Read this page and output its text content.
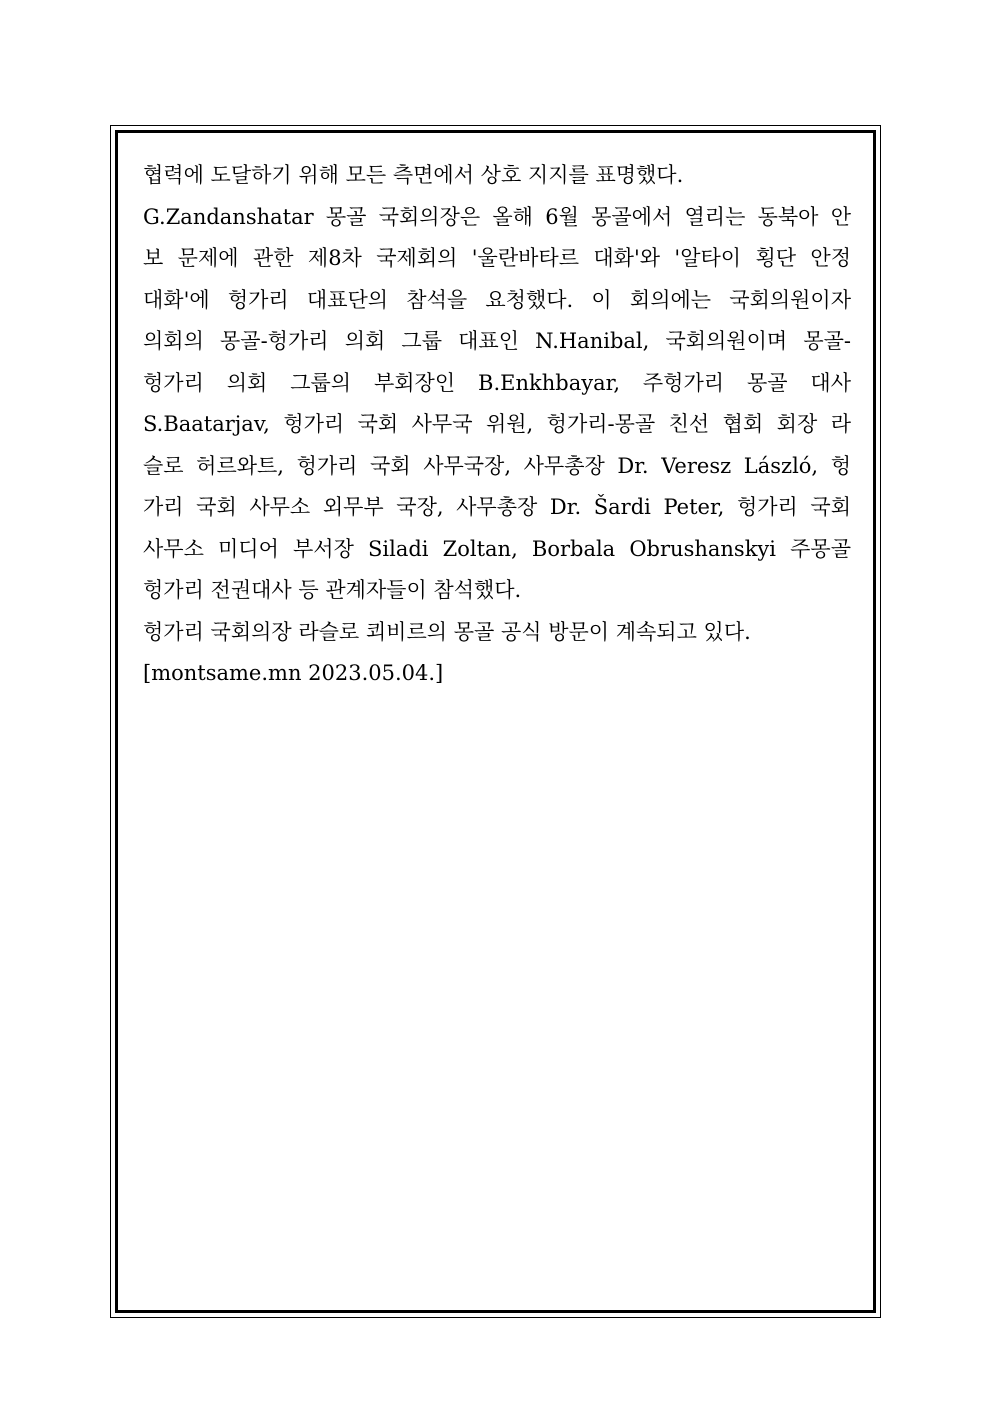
협력에 도달하기 위해 모든 측면에서 상호 지지를 표명했다.
G.Zandanshatar 몽골 국회의장은 올해 6월 몽골에서 열리는 동북아 안
보 문제에 관한 제8차 국제회의 '울란바타르 대화'와 '알타이 횡단 안정
대화'에 헝가리 대표단의 참석을 요청했다. 이 회의에는 국회의원이자
의회의 몽골-헝가리 의회 그룹 대표인 N.Hanibal, 국회의원이며 몽골-
헝가리 의회 그룹의 부회장인 B.Enkhbayar, 주헝가리 몽골 대사
S.Baatarjav, 헝가리 국회 사무국 위원, 헝가리-몽골 친선 협회 회장 라
슬로 허르와트, 헝가리 국회 사무국장, 사무총장 Dr. Veresz László, 헝
가리 국회 사무소 외무부 국장, 사무총장 Dr. Šardi Peter, 헝가리 국회
사무소 미디어 부서장 Siladi Zoltan, Borbala Obrushanskyi 주몽골
헝가리 전권대사 등 관계자들이 참석했다.
헝가리 국회의장 라슬로 쾨비르의 몽골 공식 방문이 계속되고 있다.
[montsame.mn 2023.05.04.]
